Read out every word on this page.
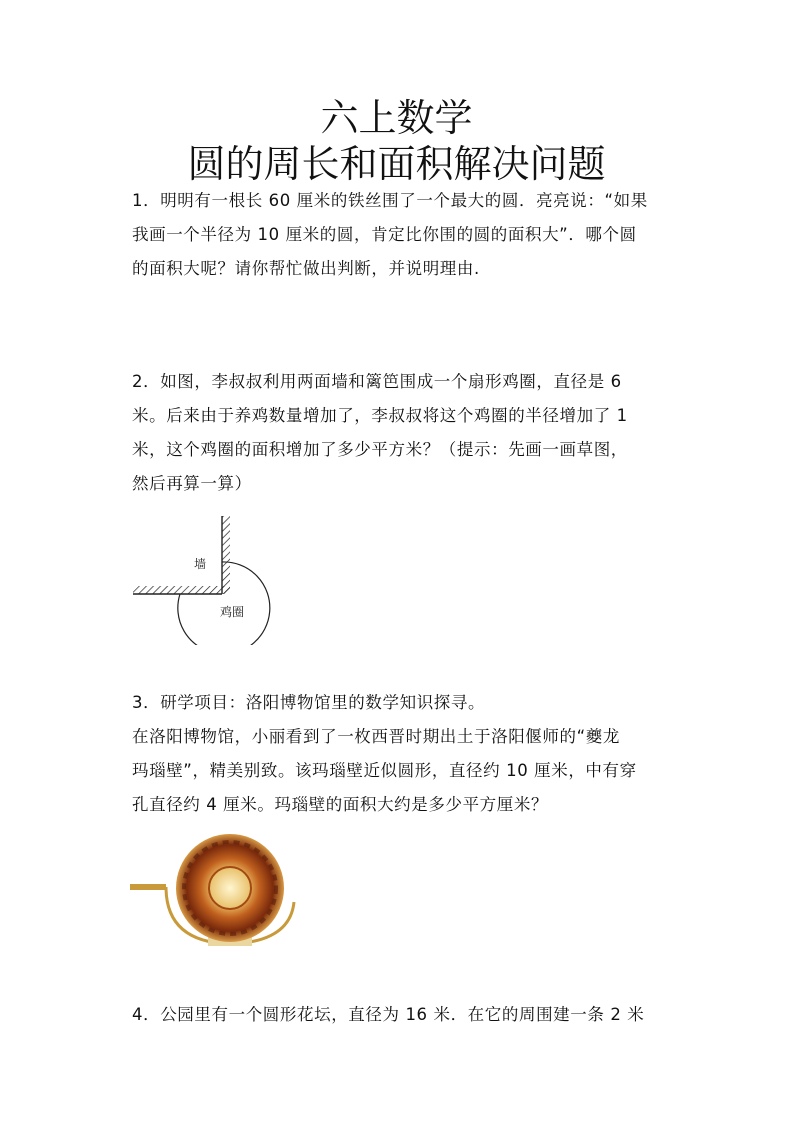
六上数学
圆的周长和面积解决问题
1．明明有一根长 60 厘米的铁丝围了一个最大的圆．亮亮说：“如果
我画一个半径为 10 厘米的圆，肯定比你围的圆的面积大”．哪个圆
的面积大呢？请你帮忙做出判断，并说明理由.
2．如图，李叔叔利用两面墙和篱笆围成一个扇形鸡圈，直径是 6
米。后来由于养鸡数量增加了，李叔叔将这个鸡圈的半径增加了 1
米，这个鸡圈的面积增加了多少平方米？（提示：先画一画草图，
然后再算一算）
墙
鸡圈
3．研学项目：洛阳博物馆里的数学知识探寻。
在洛阳博物馆，小丽看到了一枚西晋时期出土于洛阳偃师的“夔龙
玛瑙壁”，精美别致。该玛瑙壁近似圆形，直径约 10 厘米，中有穿
孔直径约 4 厘米。玛瑙壁的面积大约是多少平方厘米？
4．公园里有一个圆形花坛，直径为 16 米．在它的周围建一条 2 米
